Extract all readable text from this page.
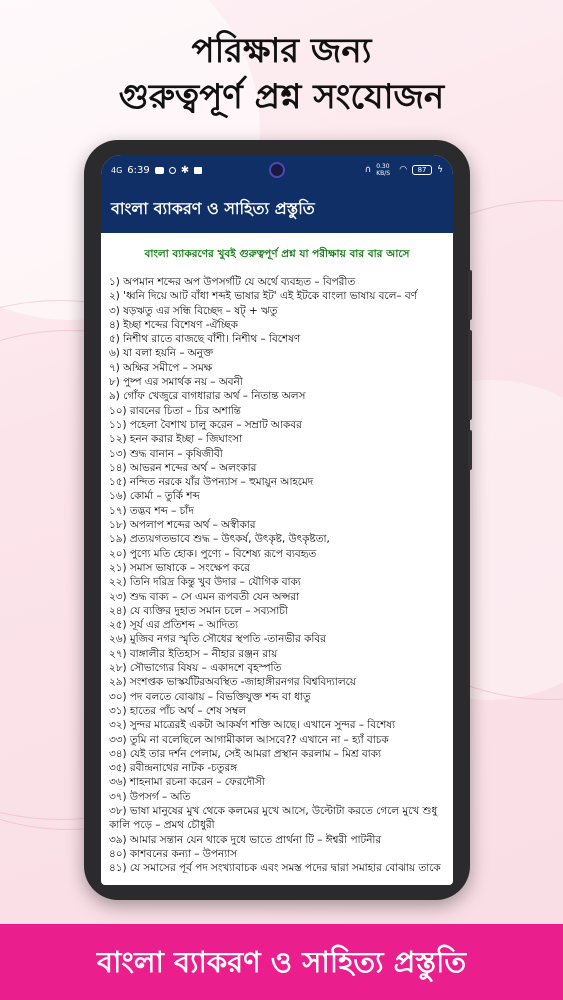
পরিক্ষার জন্য
গুরুত্বপূর্ণ প্রশ্ন সংযোজন
4G 6:39	✱	∩ 0.30 KB/S	◠ 87 ϟ
বাংলা ব্যাকরণ ও সাহিত্য প্রস্তুতি
বাংলা ব্যাকরণের খুবই গুরুত্বপূর্ণ প্রশ্ন যা পরীক্ষায় বার বার আসে
১) অপমান শব্দের অপ উপসর্গটি যে অর্থে ব্যবহৃত – বিপরীত
২) 'ধ্বনি দিয়ে আট বাঁধা শব্দই ভাষার ইট' এই ইটকে বাংলা ভাষায় বলে– বর্ণ
৩) ষড়ঋতু এর সন্ধি বিচ্ছেদ – ষট্ + ঋতু
৪) ইচ্ছা শব্দের বিশেষণ -ঐচ্ছিক
৫) নিশীথ রাতে বাজছে বাঁশী। নিশীথ – বিশেষণ
৬) যা বলা হয়নি – অনুক্ত
৭) অক্ষির সমীপে – সমক্ষ
৮) পুষ্প এর সমার্থক নয় – অবনী
৯) গোঁফ খেজুরে বাগধারার অর্থ – নিতান্ত অলস
১০) রাবনের চিতা – চির অশান্তি
১১) পহেলা বৈশাখ চালু করেন – সম্রাট আকবর
১২) হনন করার ইচ্ছা – জিঘাংসা
১৩) শুদ্ধ বানান – কৃষিজীবী
১৪) আভরন শব্দের অর্থ – অলংকার
১৫) নন্দিত নরকে যাঁর উপন্যাস – হুমায়ুন আহমেদ
১৬) কোর্মা – তুর্কি শব্দ
১৭) তদ্ভব শব্দ – চাঁদ
১৮) অপলাপ শব্দের অর্থ – অস্বীকার
১৯) প্রত্যয়গতভাবে শুদ্ধ – উৎকর্ষ, উৎকৃষ্ট, উৎকৃষ্টতা,
২০) পুণ্যে মতি হোক। পুণ্যে – বিশেষ্য রূপে ব্যবহৃত
২১) সমাস ভাষাকে – সংক্ষেপ করে
২২) তিনি দরিদ্র কিন্তু খুব উদার – যৌগিক বাক্য
২৩) শুদ্ধ বাক্য – সে এমন রূপবতী যেন অপ্সরা
২৪) যে ব্যক্তির দুহাত সমান চলে – সব্যসাচী
২৫) সূর্য এর প্রতিশব্দ – আদিত্য
২৬) মুজিব নগর স্মৃতি সৌধের স্থপতি -তানভীর কবির
২৭) বাঙ্গালীর ইতিহাস – নীহার রঞ্জন রায়
২৮) সৌভাগ্যের বিষয় – একাদশে বৃহস্পতি
২৯) সংশপ্তক ভাস্কর্যটিরঅবস্থিত -জাহাঙ্গীরনগর বিশ্ববিদ্যালয়ে
৩০) পদ বলতে বোঝায় – বিভক্তিযুক্ত শব্দ বা ধাতু
৩১) হাতের পাঁচ অর্থ – শেষ সম্বল
৩২) সুন্দর মাত্রেরই একটা আকর্ষণ শক্তি আছে। এখানে সুন্দর – বিশেষ্য
৩৩) তুমি না বলেছিলে আগামীকাল আসবে?? এখানে না – হ্যাঁ বাচক
৩৪) যেই তার দর্শন পেলাম, সেই আমরা প্রস্থান করলাম – মিশ্র বাক্য
৩৫) রবীন্দ্রনাথের নাটক -চতুরঙ্গ
৩৬) শাহনামা রচনা করেন – ফেরদৌসী
৩৭) উপসর্গ – অতি
৩৮) ভাষা মানুষের মুখ থেকে কলমের মুখে আসে, উল্টোটা করতে গেলে মুখে শুধু কালি পড়ে – প্রমথ চৌধুরী
৩৯) আমার সন্তান যেন থাকে দুধে ভাতে প্রার্থনা টি – ঈশ্বরী পাটনীর
৪০) কাশবনের কন্যা – উপন্যাস
৪১) যে সমাসের পূর্ব পদ সংখ্যাবাচক এবং সমস্ত পদের দ্বারা সমাহার বোঝায় তাকে
বাংলা ব্যাকরণ ও সাহিত্য প্রস্তুতি
